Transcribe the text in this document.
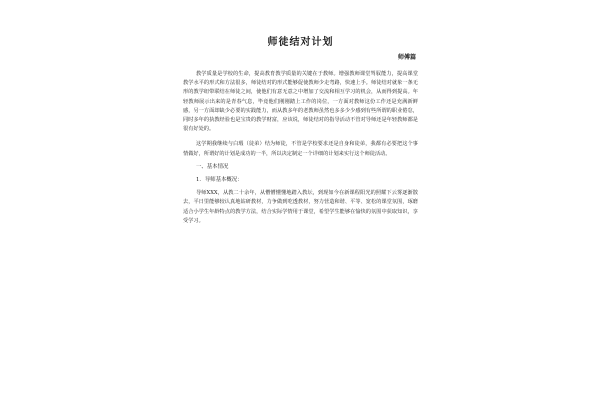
师徒结对计划
师傅篇

教学质量是学校的生命，提高教育教学质量的关键在于教师。增强教师课堂驾驭能力，提高课堂教学水平的形式和方法很多，师徒结对的形式能够促使教师少走弯路，快速上手。师徒结对就象一条无形的教学纽带联结在师徒之间，使他们有意无意之中增加了交流和相互学习的机会，从而得到提高。年轻教师展示出来的是青春气息，毕竟他们刚刚踏上工作的岗位，一方面对教师这份工作还是充满新鲜感，另一方面却缺少必要的实践能力，而从教多年的老教师虽然也多多少少感到有些所谓的职业倦怠，同时多年的执教经验也是宝贵的教学财富，应该说，师徒结对的指导活动不管对导师还是年轻教师都是很有好处的。

这学期我继续与白瑕（徒弟）结为师徒，不管是学校要求还是自身和徒弟，我都有必要把这个事情做好，所谓好的计划是成功的一半，所以决定制定一个详细的计划来实行这个师徒活动。

一、基本情况
1．导师基本概况：

导师XXX，从教二十余年，从懵懵懂懂地踏入教坛，到现如今在新课程阳光的照耀下云雾逐渐散去，平日里能够较认真地钻研教材，力争做到吃透教材，努力营造和谐、平等、宽松的课堂氛围，琢磨适合小学生年龄特点的教学方法，结合实际学情用于课堂，希望学生能够在愉快的氛围中获取知识，享受学习。
